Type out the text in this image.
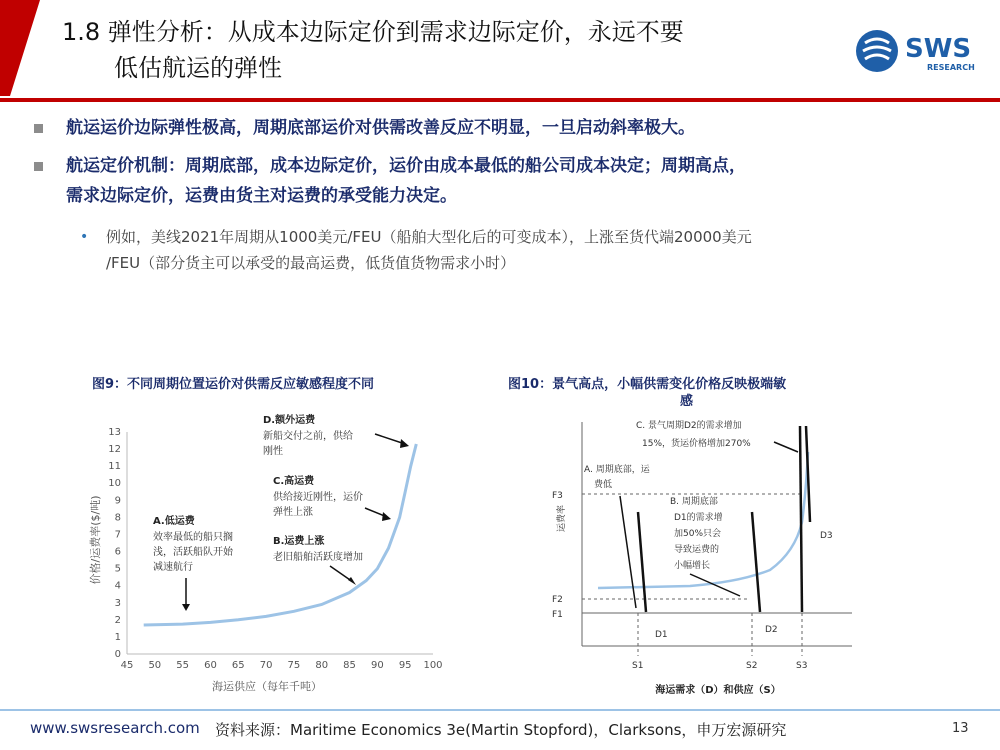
1.8 弹性分析：从成本边际定价到需求边际定价，永远不要
低估航运的弹性
SWS
RESEARCH
航运运价边际弹性极高，周期底部运价对供需改善反应不明显，一旦启动斜率极大。
航运定价机制：周期底部，成本边际定价，运价由成本最低的船公司成本决定；周期高点，
需求边际定价，运费由货主对运费的承受能力决定。
• 例如，美线2021年周期从1000美元/FEU（船舶大型化后的可变成本），上涨至货代端20000美元
/FEU（部分货主可以承受的最高运费，低货值货物需求小时）
图9：不同周期位置运价对供需反应敏感程度不同
45 50 55 60 65 70 75 80 85 90 95 100
0
1
2
3
4
5
6
7
8
9
10
11
12
13
海运供应（每年千吨）
价格/运费率($/吨)	A.低运费
效率最低的船只搁
浅，活跃船队开始
减速航行
D.额外运费
新船交付之前，供给
刚性
C.高运费
供给接近刚性，运价
弹性上涨
B.运费上涨
老旧船舶活跃度增加
图10：景气高点，小幅供需变化价格反映极端敏
感
F1
F2
F3
S1	S2	S3
D1	D2
D3
运费率
海运需求（D）和供应（S）
A. 周期底部，运
费低
B. 周期底部
D1的需求增
加50%只会
导致运费的
小幅增长
C. 景气周期D2的需求增加
15%，货运价格增加270%
www.swsresearch.com 资料来源：Maritime Economics 3e(Martin Stopford)，Clarksons，申万宏源研究	13
